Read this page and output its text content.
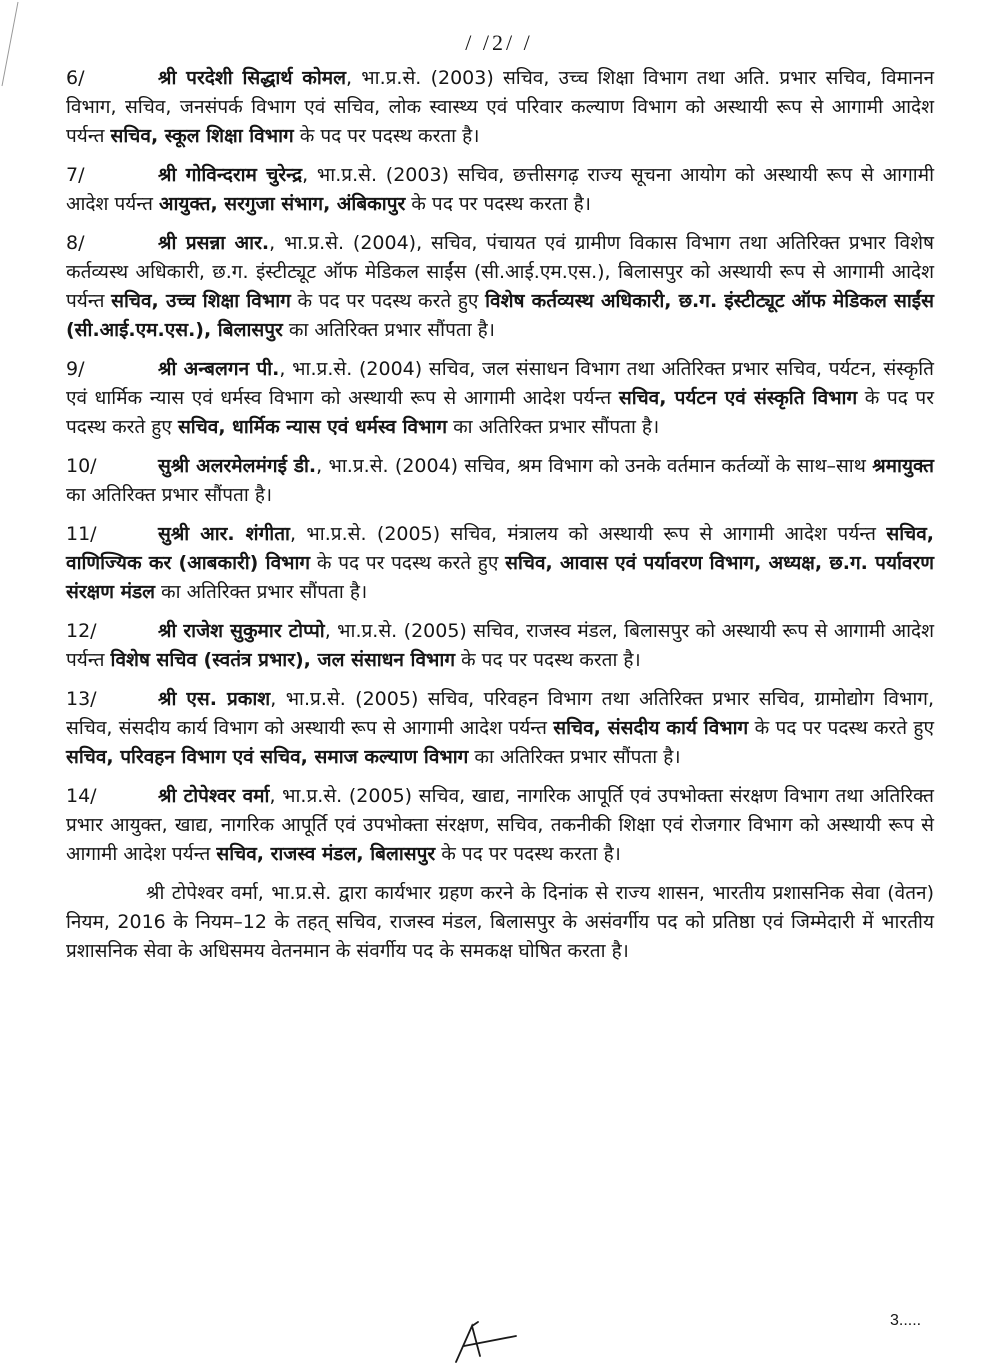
/ /2/ /

6/	श्री परदेशी सिद्धार्थ कोमल, भा.प्र.से. (2003) सचिव, उच्च शिक्षा विभाग तथा अति. प्रभार सचिव, विमानन विभाग, सचिव, जनसंपर्क विभाग एवं सचिव, लोक स्वास्थ्य एवं परिवार कल्याण विभाग को अस्थायी रूप से आगामी आदेश पर्यन्त सचिव, स्कूल शिक्षा विभाग के पद पर पदस्थ करता है।

7/	श्री गोविन्दराम चुरेन्द्र, भा.प्र.से. (2003) सचिव, छत्तीसगढ़ राज्य सूचना आयोग को अस्थायी रूप से आगामी आदेश पर्यन्त आयुक्त, सरगुजा संभाग, अंबिकापुर के पद पर पदस्थ करता है।

8/	श्री प्रसन्ना आर., भा.प्र.से. (2004), सचिव, पंचायत एवं ग्रामीण विकास विभाग तथा अतिरिक्त प्रभार विशेष कर्तव्यस्थ अधिकारी, छ.ग. इंस्टीट्यूट ऑफ मेडिकल साईंस (सी.आई.एम.एस.), बिलासपुर को अस्थायी रूप से आगामी आदेश पर्यन्त सचिव, उच्च शिक्षा विभाग के पद पर पदस्थ करते हुए विशेष कर्तव्यस्थ अधिकारी, छ.ग. इंस्टीट्यूट ऑफ मेडिकल साईंस (सी.आई.एम.एस.), बिलासपुर का अतिरिक्त प्रभार सौंपता है।

9/	श्री अन्बलगन पी., भा.प्र.से. (2004) सचिव, जल संसाधन विभाग तथा अतिरिक्त प्रभार सचिव, पर्यटन, संस्कृति एवं धार्मिक न्यास एवं धर्मस्व विभाग को अस्थायी रूप से आगामी आदेश पर्यन्त सचिव, पर्यटन एवं संस्कृति विभाग के पद पर पदस्थ करते हुए सचिव, धार्मिक न्यास एवं धर्मस्व विभाग का अतिरिक्त प्रभार सौंपता है।

10/	सुश्री अलरमेलमंगई डी., भा.प्र.से. (2004) सचिव, श्रम विभाग को उनके वर्तमान कर्तव्यों के साथ–साथ श्रमायुक्त का अतिरिक्त प्रभार सौंपता है।

11/	सुश्री आर. शंगीता, भा.प्र.से. (2005) सचिव, मंत्रालय को अस्थायी रूप से आगामी आदेश पर्यन्त सचिव, वाणिज्यिक कर (आबकारी) विभाग के पद पर पदस्थ करते हुए सचिव, आवास एवं पर्यावरण विभाग, अध्यक्ष, छ.ग. पर्यावरण संरक्षण मंडल का अतिरिक्त प्रभार सौंपता है।

12/	श्री राजेश सुकुमार टोप्पो, भा.प्र.से. (2005) सचिव, राजस्व मंडल, बिलासपुर को अस्थायी रूप से आगामी आदेश पर्यन्त विशेष सचिव (स्वतंत्र प्रभार), जल संसाधन विभाग के पद पर पदस्थ करता है।

13/	श्री एस. प्रकाश, भा.प्र.से. (2005) सचिव, परिवहन विभाग तथा अतिरिक्त प्रभार सचिव, ग्रामोद्योग विभाग, सचिव, संसदीय कार्य विभाग को अस्थायी रूप से आगामी आदेश पर्यन्त सचिव, संसदीय कार्य विभाग के पद पर पदस्थ करते हुए सचिव, परिवहन विभाग एवं सचिव, समाज कल्याण विभाग का अतिरिक्त प्रभार सौंपता है।

14/	श्री टोपेश्वर वर्मा, भा.प्र.से. (2005) सचिव, खाद्य, नागरिक आपूर्ति एवं उपभोक्ता संरक्षण विभाग तथा अतिरिक्त प्रभार आयुक्त, खाद्य, नागरिक आपूर्ति एवं उपभोक्ता संरक्षण, सचिव, तकनीकी शिक्षा एवं रोजगार विभाग को अस्थायी रूप से आगामी आदेश पर्यन्त सचिव, राजस्व मंडल, बिलासपुर के पद पर पदस्थ करता है।

श्री टोपेश्वर वर्मा, भा.प्र.से. द्वारा कार्यभार ग्रहण करने के दिनांक से राज्य शासन, भारतीय प्रशासनिक सेवा (वेतन) नियम, 2016 के नियम–12 के तहत् सचिव, राजस्व मंडल, बिलासपुर के असंवर्गीय पद को प्रतिष्ठा एवं जिम्मेदारी में भारतीय प्रशासनिक सेवा के अधिसमय वेतनमान के संवर्गीय पद के समकक्ष घोषित करता है।

3.....
